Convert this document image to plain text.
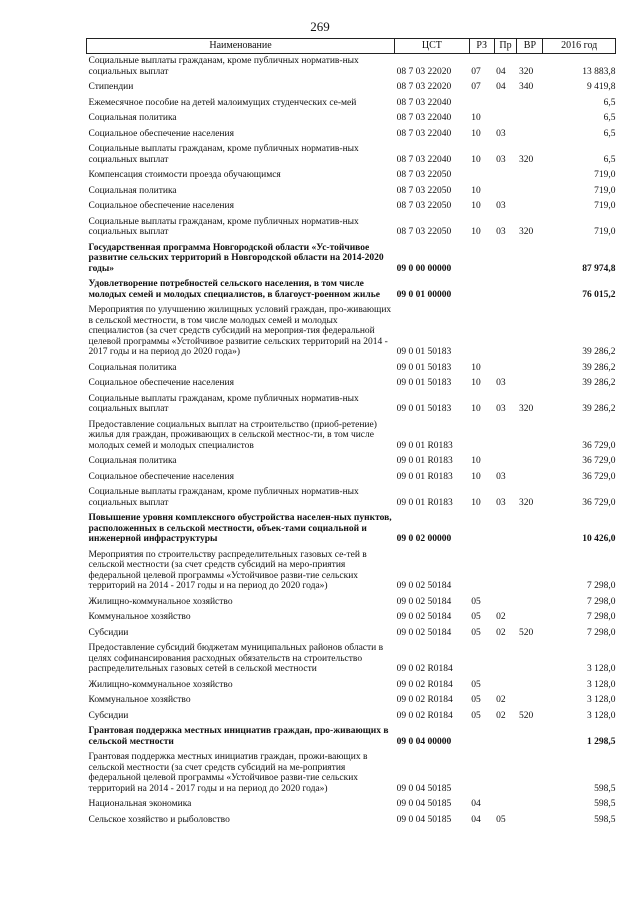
269
Наименование	ЦСТ	РЗ	Пр	ВР	2016 год
Социальные выплаты гражданам, кроме публичных норматив-ных социальных выплат	08 7 03 22020	07	04	320	13 883,8
Стипендии	08 7 03 22020	07	04	340	9 419,8
Ежемесячное пособие на детей малоимущих студенческих се-мей	08 7 03 22040				6,5
Социальная политика	08 7 03 22040	10			6,5
Социальное обеспечение населения	08 7 03 22040	10	03		6,5
Социальные выплаты гражданам, кроме публичных норматив-ных социальных выплат	08 7 03 22040	10	03	320	6,5
Компенсация стоимости проезда обучающимся	08 7 03 22050				719,0
Социальная политика	08 7 03 22050	10			719,0
Социальное обеспечение населения	08 7 03 22050	10	03		719,0
Социальные выплаты гражданам, кроме публичных норматив-ных социальных выплат	08 7 03 22050	10	03	320	719,0
Государственная программа Новгородской области «Ус-тойчивое развитие сельских территорий в Новгородской области на 2014-2020 годы»	09 0 00 00000				87 974,8
Удовлетворение потребностей сельского населения, в том числе молодых семей и молодых специалистов, в благоуст-роенном жилье	09 0 01 00000				76 015,2
Мероприятия по улучшению жилищных условий граждан, про-живающих в сельской местности, в том числе молодых семей и молодых специалистов (за счет средств субсидий на мероприя-тия федеральной целевой программы «Устойчивое развитие сельских территорий на 2014 - 2017 годы и на период до 2020 года»)	09 0 01 50183				39 286,2
Социальная политика	09 0 01 50183	10			39 286,2
Социальное обеспечение населения	09 0 01 50183	10	03		39 286,2
Социальные выплаты гражданам, кроме публичных норматив-ных социальных выплат	09 0 01 50183	10	03	320	39 286,2
Предоставление социальных выплат на строительство (приоб-ретение) жилья для граждан, проживающих в сельской местнос-ти, в том числе молодых семей и молодых специалистов	09 0 01 R0183				36 729,0
Социальная политика	09 0 01 R0183	10			36 729,0
Социальное обеспечение населения	09 0 01 R0183	10	03		36 729,0
Социальные выплаты гражданам, кроме публичных норматив-ных социальных выплат	09 0 01 R0183	10	03	320	36 729,0
Повышение уровня комплексного обустройства населен-ных пунктов, расположенных в сельской местности, объек-тами социальной и инженерной инфраструктуры	09 0 02 00000				10 426,0
Мероприятия по строительству распределительных газовых се-тей в сельской местности (за счет средств субсидий на меро-приятия федеральной целевой программы «Устойчивое разви-тие сельских территорий на 2014 - 2017 годы и на период до 2020 года»)	09 0 02 50184				7 298,0
Жилищно-коммунальное хозяйство	09 0 02 50184	05			7 298,0
Коммунальное хозяйство	09 0 02 50184	05	02		7 298,0
Субсидии	09 0 02 50184	05	02	520	7 298,0
Предоставление субсидий бюджетам муниципальных районов области в целях софинансирования расходных обязательств на строительство распределительных газовых сетей в сельской местности	09 0 02 R0184				3 128,0
Жилищно-коммунальное хозяйство	09 0 02 R0184	05			3 128,0
Коммунальное хозяйство	09 0 02 R0184	05	02		3 128,0
Субсидии	09 0 02 R0184	05	02	520	3 128,0
Грантовая поддержка местных инициатив граждан, про-живающих в сельской местности	09 0 04 00000				1 298,5
Грантовая поддержка местных инициатив граждан, прожи-вающих в сельской местности (за счет средств субсидий на ме-роприятия федеральной целевой программы «Устойчивое разви-тие сельских территорий на 2014 - 2017 годы и на период до 2020 года»)	09 0 04 50185				598,5
Национальная экономика	09 0 04 50185	04			598,5
Сельское хозяйство и рыболовство	09 0 04 50185	04	05		598,5
